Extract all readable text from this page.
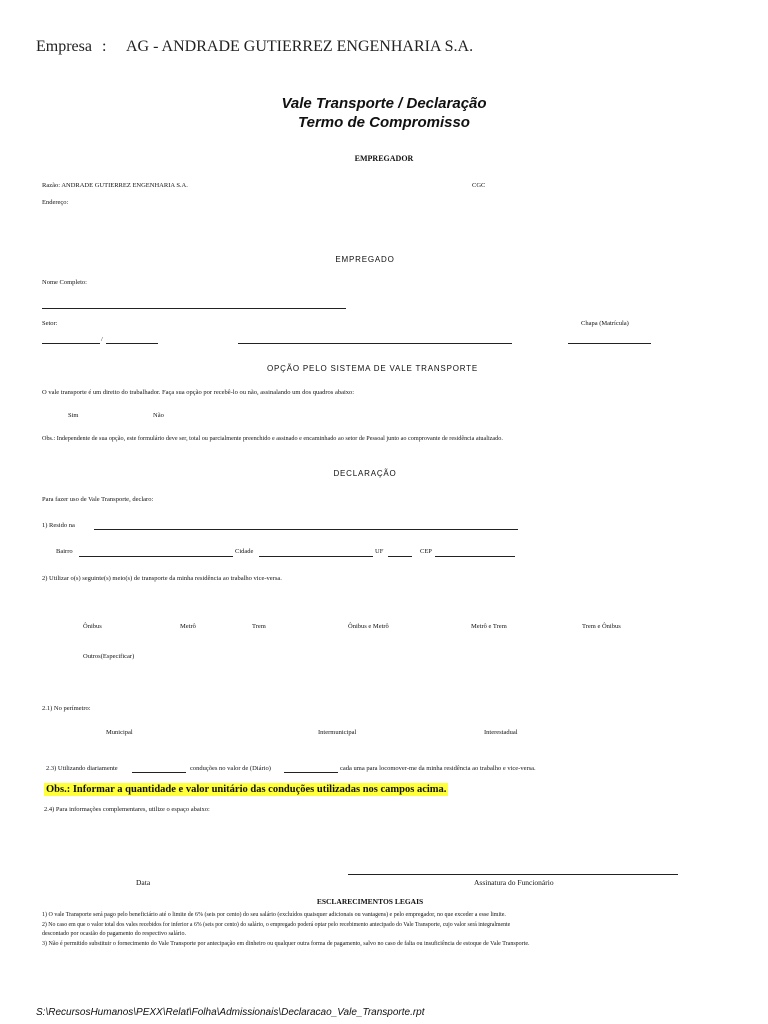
Empresa : AG - ANDRADE GUTIERREZ ENGENHARIA S.A.
Vale Transporte / Declaração
Termo de Compromisso
EMPREGADOR
Razão: ANDRADE GUTIERREZ ENGENHARIA S.A.	CGC
Endereço:
EMPREGADO
Nome Completo:
Setor:	Chapa (Matrícula)
/
OPÇÃO PELO SISTEMA DE VALE TRANSPORTE
O vale transporte é um direito do trabalhador. Faça sua opção por recebê-lo ou não, assinalando um dos quadros abaixo:
Sim	Não
Obs.: Independente de sua opção, este formulário deve ser, total ou parcialmente preenchido e assinado e encaminhado ao setor de Pessoal junto ao comprovante de residência atualizado.
DECLARAÇÃO
Para fazer uso de Vale Transporte, declaro:
1) Resido na
Bairro	Cidade	UF	CEP
2) Utilizar o(s) seguinte(s) meio(s) de transporte da minha residência ao trabalho vice-versa.
Ônibus	Metrô	Trem	Ônibus e Metrô	Metrô e Trem	Trem e Ônibus
Outros(Especificar)
2.1) No perímetro:
Municipal	Intermunicipal	Interestadual
2.3) Utilizando diariamente	conduções no valor de (Diário)	cada uma para locomover-me da minha residência ao trabalho e vice-versa.
Obs.: Informar a quantidade e valor unitário das conduções utilizadas nos campos acima.
2.4) Para informações complementares, utilize o espaço abaixo:
Data	Assinatura do Funcionário
ESCLARECIMENTOS LEGAIS
1) O vale Transporte será pago pelo beneficiário até o limite de 6% (seis por cento) do seu salário (excluídos quaisquer adicionais ou vantagens) e pelo empregador, no que exceder a esse limite.
2) No caso em que o valor total dos vales recebidos for inferior a 6% (seis por cento) do salário, o empregado poderá optar pelo recebimento antecipado do Vale Transporte, cujo valor será integralmente
descontado por ocasião do pagamento do respectivo salário.
3) Não é permitido substituir o fornecimento do Vale Transporte por antecipação em dinheiro ou qualquer outra forma de pagamento, salvo no caso de falta ou insuficiência de estoque de Vale Transporte.
S:\RecursosHumanos\PEXX\Relat\Folha\Admissionais\Declaracao_Vale_Transporte.rpt
